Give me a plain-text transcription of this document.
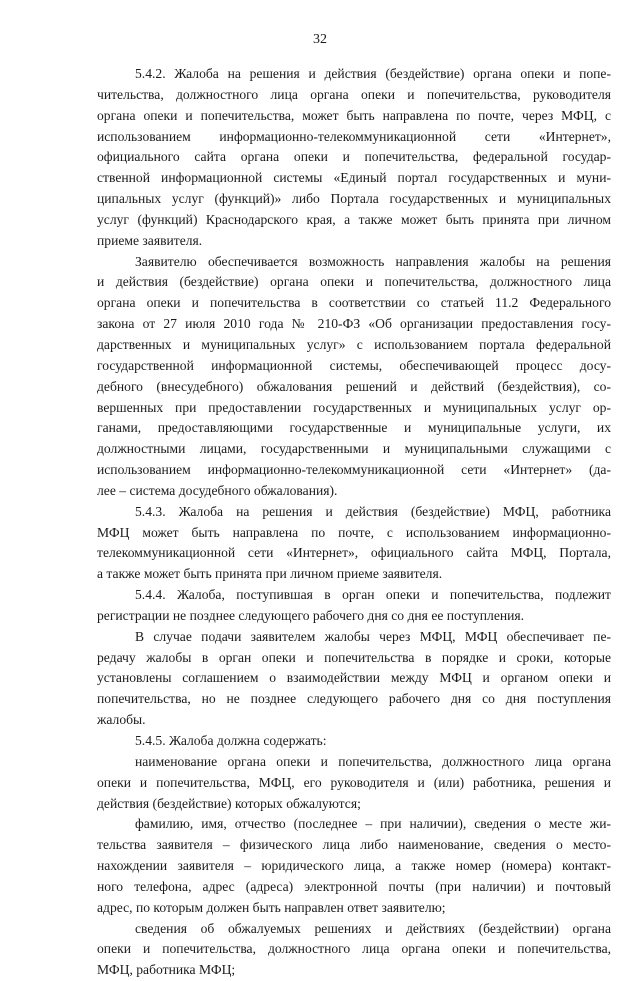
32
5.4.2. Жалоба на решения и действия (бездействие) органа опеки и попе-
чительства, должностного лица органа опеки и попечительства, руководителя
органа опеки и попечительства, может быть направлена по почте, через МФЦ, с
использованием информационно-телекоммуникационной сети «Интернет»,
официального сайта органа опеки и попечительства, федеральной государ-
ственной информационной системы «Единый портал государственных и муни-
ципальных услуг (функций)» либо Портала государственных и муниципальных
услуг (функций) Краснодарского края, а также может быть принята при личном
приеме заявителя.
Заявителю обеспечивается возможность направления жалобы на решения
и действия (бездействие) органа опеки и попечительства, должностного лица
органа опеки и попечительства в соответствии со статьей 11.2 Федерального
закона от 27 июля 2010 года № 210-ФЗ «Об организации предоставления госу-
дарственных и муниципальных услуг» с использованием портала федеральной
государственной информационной системы, обеспечивающей процесс досу-
дебного (внесудебного) обжалования решений и действий (бездействия), со-
вершенных при предоставлении государственных и муниципальных услуг ор-
ганами, предоставляющими государственные и муниципальные услуги, их
должностными лицами, государственными и муниципальными служащими с
использованием информационно-телекоммуникационной сети «Интернет» (да-
лее – система досудебного обжалования).
5.4.3. Жалоба на решения и действия (бездействие) МФЦ, работника
МФЦ может быть направлена по почте, с использованием информационно-
телекоммуникационной сети «Интернет», официального сайта МФЦ, Портала,
а также может быть принята при личном приеме заявителя.
5.4.4. Жалоба, поступившая в орган опеки и попечительства, подлежит
регистрации не позднее следующего рабочего дня со дня ее поступления.
В случае подачи заявителем жалобы через МФЦ, МФЦ обеспечивает пе-
редачу жалобы в орган опеки и попечительства в порядке и сроки, которые
установлены соглашением о взаимодействии между МФЦ и органом опеки и
попечительства, но не позднее следующего рабочего дня со дня поступления
жалобы.
5.4.5. Жалоба должна содержать:
наименование органа опеки и попечительства, должностного лица органа
опеки и попечительства, МФЦ, его руководителя и (или) работника, решения и
действия (бездействие) которых обжалуются;
фамилию, имя, отчество (последнее – при наличии), сведения о месте жи-
тельства заявителя – физического лица либо наименование, сведения о место-
нахождении заявителя – юридического лица, а также номер (номера) контакт-
ного телефона, адрес (адреса) электронной почты (при наличии) и почтовый
адрес, по которым должен быть направлен ответ заявителю;
сведения об обжалуемых решениях и действиях (бездействии) органа
опеки и попечительства, должностного лица органа опеки и попечительства,
МФЦ, работника МФЦ;
